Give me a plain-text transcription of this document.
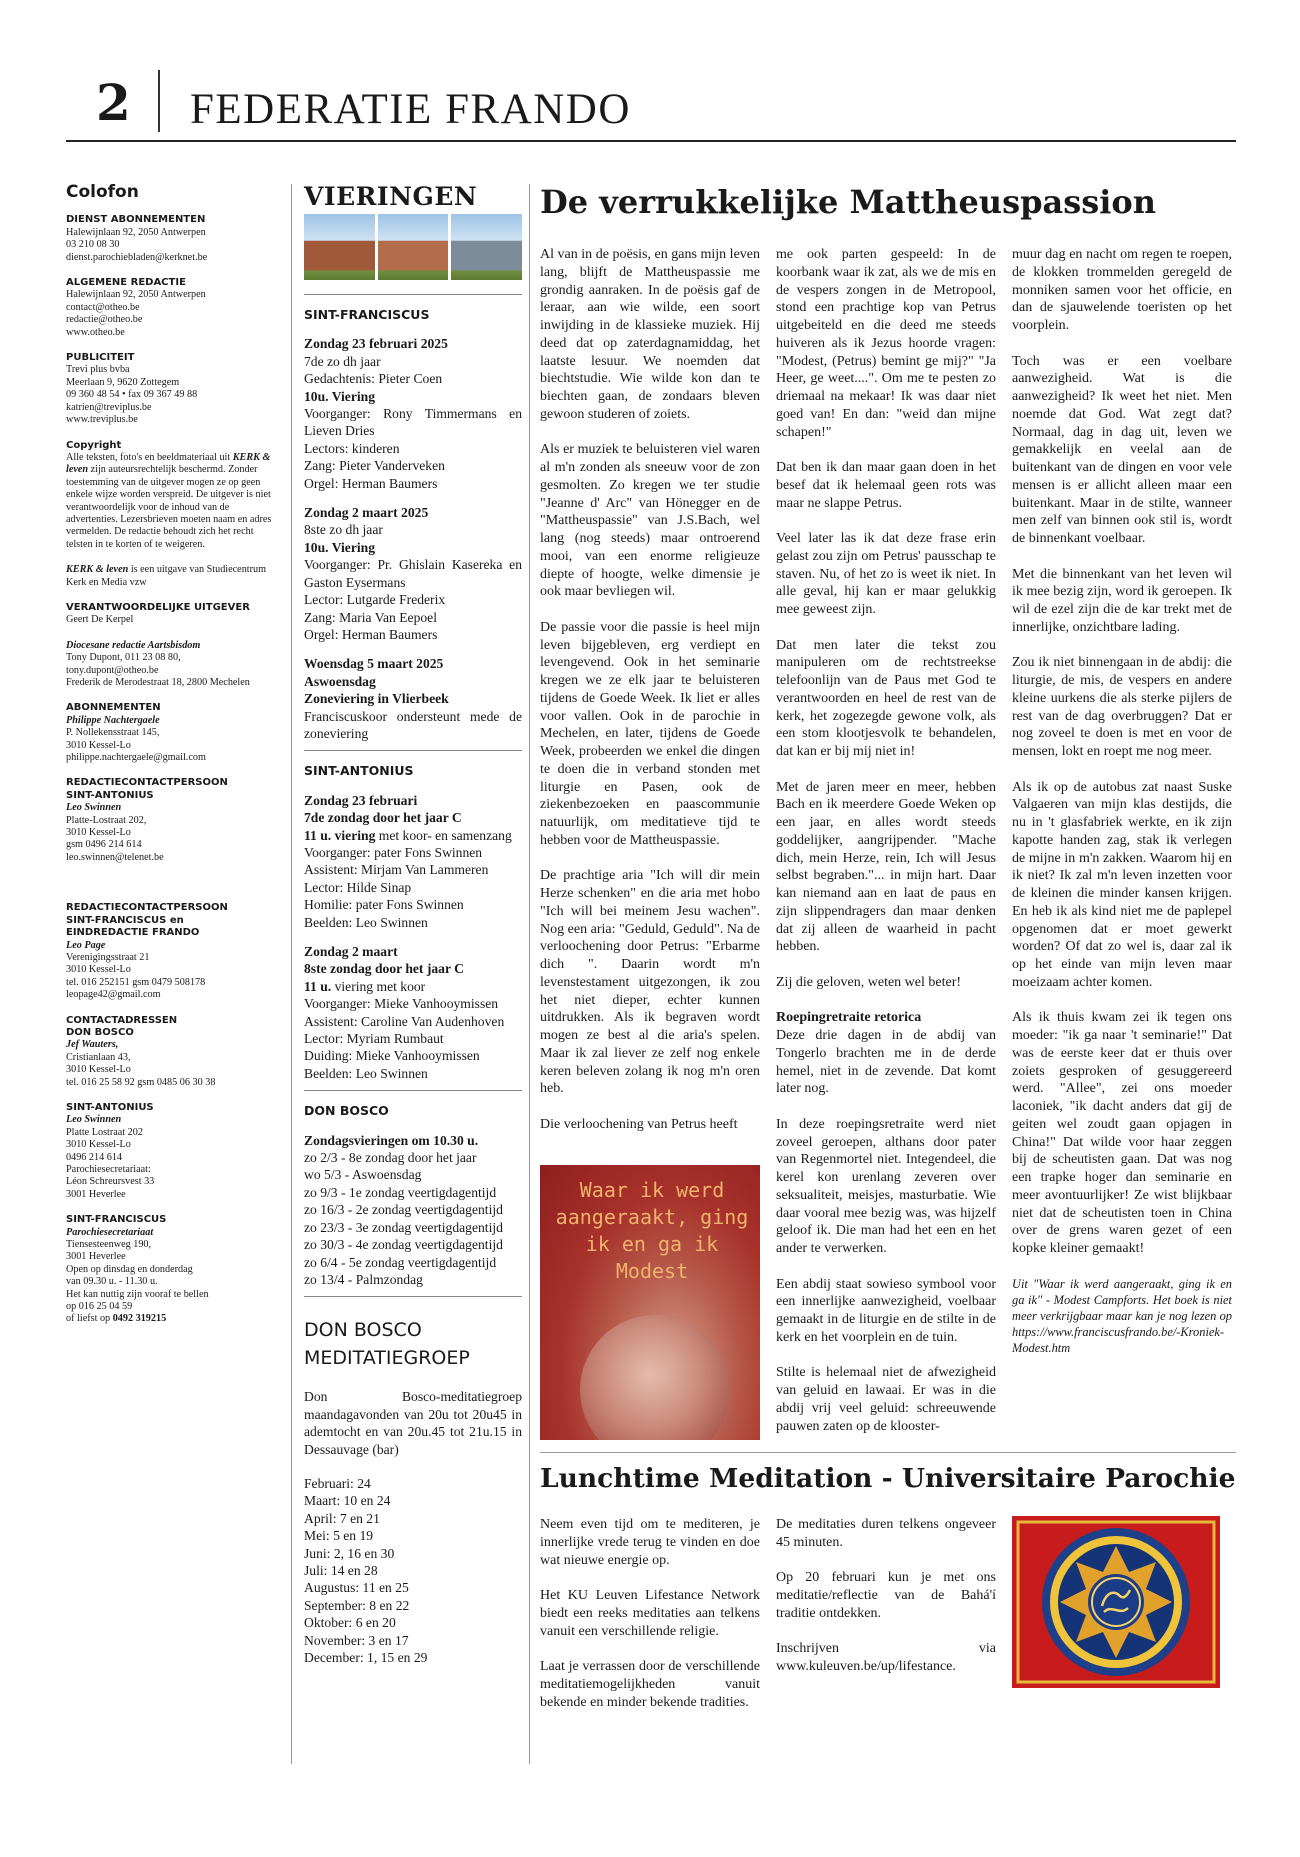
2 FEDERATIE FRANDO
Colofon
DIENST ABONNEMENTEN
Halewijnlaan 92, 2050 Antwerpen
03 210 08 30
dienst.parochiebladen@kerknet.be
ALGEMENE REDACTIE
Halewijnlaan 92, 2050 Antwerpen
contact@otheo.be
redactie@otheo.be
www.otheo.be
PUBLICITEIT
Trevi plus bvba
Meerlaan 9, 9620 Zottegem
09 360 48 54 • fax 09 367 49 88
katrien@treviplus.be
www.treviplus.be
Copyright
Alle teksten, foto's en beeldmateriaal uit KERK & leven zijn auteursrechtelijk beschermd. Zonder toestemming van de uitgever mogen ze op geen enkele wijze worden verspreid. De uitgever is niet verantwoordelijk voor de inhoud van de advertenties. Lezersbrieven moeten naam en adres vermelden. De redactie behoudt zich het recht telsten in te korten of te weigeren.
KERK & leven is een uitgave van Studiecentrum Kerk en Media vzw
VERANTWOORDELIJKE UITGEVER
Geert De Kerpel
Diocesane redactie Aartsbisdom
Tony Dupont, 011 23 08 80,
tony.dupont@otheo.be
Frederik de Merodestraat 18, 2800 Mechelen
ABONNEMENTEN
Philippe Nachtergaele
P. Nollekensstraat 145,
3010 Kessel-Lo
philippe.nachtergaele@gmail.com
REDACTIECONTACTPERSOON
SINT-ANTONIUS
Leo Swinnen
Platte-Lostraat 202,
3010 Kessel-Lo
gsm 0496 214 614
leo.swinnen@telenet.be
REDACTIECONTACTPERSOON
SINT-FRANCISCUS en
EINDREDACTIE FRANDO
Leo Page
Verenigingsstraat 21
3010 Kessel-Lo
tel. 016 252151 gsm 0479 508178
leopage42@gmail.com
CONTACTADRESSEN
DON BOSCO
Jef Wauters,
Cristianlaan 43,
3010 Kessel-Lo
tel. 016 25 58 92 gsm 0485 06 30 38
SINT-ANTONIUS
Leo Swinnen
Platte Lostraat 202
3010 Kessel-Lo
0496 214 614
Parochiesecretariaat:
Léon Schreursvest 33
3001 Heverlee
SINT-FRANCISCUS
Parochiesecretariaat
Tiensesteenweg 190,
3001 Heverlee
Open op dinsdag en donderdag
van 09.30 u. - 11.30 u.
Het kan nuttig zijn vooraf te bellen
op 016 25 04 59
of liefst op 0492 319215
VIERINGEN
SINT-FRANCISCUS
Zondag 23 februari 2025
7de zo dh jaar
Gedachtenis: Pieter Coen
10u. Viering
Voorganger: Rony Timmermans en Lieven Dries
Lectors: kinderen
Zang: Pieter Vanderveken
Orgel: Herman Baumers
Zondag 2 maart 2025
8ste zo dh jaar
10u. Viering
Voorganger: Pr. Ghislain Kasereka en Gaston Eysermans
Lector: Lutgarde Frederix
Zang: Maria Van Eepoel
Orgel: Herman Baumers
Woensdag 5 maart 2025
Aswoensdag
Zoneviering in Vlierbeek
Franciscuskoor ondersteunt mede de zoneviering
SINT-ANTONIUS
Zondag 23 februari
7de zondag door het jaar C
11 u. viering met koor- en samenzang
Voorganger: pater Fons Swinnen
Assistent: Mirjam Van Lammeren
Lector: Hilde Sinap
Homilie: pater Fons Swinnen
Beelden: Leo Swinnen
Zondag 2 maart
8ste zondag door het jaar C
11 u. viering met koor
Voorganger: Mieke Vanhooymissen
Assistent: Caroline Van Audenhoven
Lector: Myriam Rumbaut
Duiding: Mieke Vanhooymissen
Beelden: Leo Swinnen
DON BOSCO
Zondagsvieringen om 10.30 u.
zo 2/3 - 8e zondag door het jaar
wo 5/3 - Aswoensdag
zo 9/3 - 1e zondag veertigdagentijd
zo 16/3 - 2e zondag veertigdagentijd
zo 23/3 - 3e zondag veertigdagentijd
zo 30/3 - 4e zondag veertigdagentijd
zo 6/4 - 5e zondag veertigdagentijd
zo 13/4 - Palmzondag
DON BOSCO
MEDITATIEGROEP
Don Bosco-meditatiegroep maandagavonden van 20u tot 20u45 in ademtocht en van 20u.45 tot 21u.15 in Dessauvage (bar)
Februari: 24
Maart: 10 en 24
April: 7 en 21
Mei: 5 en 19
Juni: 2, 16 en 30
Juli: 14 en 28
Augustus: 11 en 25
September: 8 en 22
Oktober: 6 en 20
November: 3 en 17
December: 1, 15 en 29
De verrukkelijke Mattheuspassion

Al van in de poësis, en gans mijn leven lang, blijft de Mattheuspassie me grondig aanraken. In de poësis gaf de leraar, aan wie wilde, een soort inwijding in de klassieke muziek. Hij deed dat op zaterdagnamiddag, het laatste lesuur. We noemden dat biechtstudie. Wie wilde kon dan te biechten gaan, de zondaars bleven gewoon studeren of zoiets.

Als er muziek te beluisteren viel waren al m'n zonden als sneeuw voor de zon gesmolten. Zo kregen we ter studie "Jeanne d' Arc" van Hönegger en de "Mattheuspassie" van J.S.Bach, wel lang (nog steeds) maar ontroerend mooi, van een enorme religieuze diepte of hoogte, welke dimensie je ook maar bevliegen wil.

De passie voor die passie is heel mijn leven bijgebleven, erg verdiept en levengevend. Ook in het seminarie kregen we ze elk jaar te beluisteren tijdens de Goede Week. Ik liet er alles voor vallen. Ook in de parochie in Mechelen, en later, tijdens de Goede Week, probeerden we enkel die dingen te doen die in verband stonden met liturgie en Pasen, ook de ziekenbezoeken en paascommunie natuurlijk, om meditatieve tijd te hebben voor de Mattheuspassie.

De prachtige aria "Ich will dir mein Herze schenken" en die aria met hobo "Ich will bei meinem Jesu wachen". Nog een aria: "Geduld, Geduld". Na de verloochening door Petrus: "Erbarme dich ". Daarin wordt m'n levenstestament uitgezongen, ik zou het niet dieper, echter kunnen uitdrukken. Als ik begraven wordt mogen ze best al die aria's spelen. Maar ik zal liever ze zelf nog enkele keren beleven zolang ik nog m'n oren heb.

Die verloochening van Petrus heeft

Waar ik werd aangeraakt, ging ik en ga ik
Modest

me ook parten gespeeld: In de koorbank waar ik zat, als we de mis en de vespers zongen in de Metropool, stond een prachtige kop van Petrus uitgebeiteld en die deed me steeds huiveren als ik Jezus hoorde vragen: "Modest, (Petrus) bemint ge mij?" "Ja Heer, ge weet....". Om me te pesten zo driemaal na mekaar! Ik was daar niet goed van! En dan: "weid dan mijne schapen!"

Dat ben ik dan maar gaan doen in het besef dat ik helemaal geen rots was maar ne slappe Petrus.

Veel later las ik dat deze frase erin gelast zou zijn om Petrus' pausschap te staven. Nu, of het zo is weet ik niet. In alle geval, hij kan er maar gelukkig mee geweest zijn.

Dat men later die tekst zou manipuleren om de rechtstreekse telefoonlijn van de Paus met God te verantwoorden en heel de rest van de kerk, het zogezegde gewone volk, als een stom klootjesvolk te behandelen, dat kan er bij mij niet in!

Met de jaren meer en meer, hebben Bach en ik meerdere Goede Weken op een jaar, en alles wordt steeds goddelijker, aangrijpender. "Mache dich, mein Herze, rein, Ich will Jesus selbst begraben."... in mijn hart. Daar kan niemand aan en laat de paus en zijn slippendragers dan maar denken dat zij alleen de waarheid in pacht hebben.

Zij die geloven, weten wel beter!

Roepingretraite retorica

Deze drie dagen in de abdij van Tongerlo brachten me in de derde hemel, niet in de zevende. Dat komt later nog.

In deze roepingsretraite werd niet zoveel geroepen, althans door pater van Regenmortel niet. Integendeel, die kerel kon urenlang zeveren over seksualiteit, meisjes, masturbatie. Wie daar vooral mee bezig was, was hijzelf geloof ik. Die man had het een en het ander te verwerken.

Een abdij staat sowieso symbool voor een innerlijke aanwezigheid, voelbaar gemaakt in de liturgie en de stilte in de kerk en het voorplein en de tuin.

Stilte is helemaal niet de afwezigheid van geluid en lawaai. Er was in die abdij vrij veel geluid: schreeuwende pauwen zaten op de klooster-

muur dag en nacht om regen te roepen, de klokken trommelden geregeld de monniken samen voor het officie, en dan de sjauwelende toeristen op het voorplein.

Toch was er een voelbare aanwezigheid. Wat is die aanwezigheid? Ik weet het niet. Men noemde dat God. Wat zegt dat? Normaal, dag in dag uit, leven we gemakkelijk en veelal aan de buitenkant van de dingen en voor vele mensen is er allicht alleen maar een buitenkant. Maar in de stilte, wanneer men zelf van binnen ook stil is, wordt de binnenkant voelbaar.

Met die binnenkant van het leven wil ik mee bezig zijn, word ik geroepen. Ik wil de ezel zijn die de kar trekt met de innerlijke, onzichtbare lading.

Zou ik niet binnengaan in de abdij: die liturgie, de mis, de vespers en andere kleine uurkens die als sterke pijlers de rest van de dag overbruggen? Dat er nog zoveel te doen is met en voor de mensen, lokt en roept me nog meer.

Als ik op de autobus zat naast Suske Valgaeren van mijn klas destijds, die nu in 't glasfabriek werkte, en ik zijn kapotte handen zag, stak ik verlegen de mijne in m'n zakken. Waarom hij en ik niet? Ik zal m'n leven inzetten voor de kleinen die minder kansen krijgen. En heb ik als kind niet me de paplepel opgenomen dat er moet gewerkt worden? Of dat zo wel is, daar zal ik op het einde van mijn leven maar moeizaam achter komen.

Als ik thuis kwam zei ik tegen ons moeder: "ik ga naar 't seminarie!" Dat was de eerste keer dat er thuis over zoiets gesproken of gesuggereerd werd. "Allee", zei ons moeder laconiek, "ik dacht anders dat gij de geiten wel zoudt gaan opjagen in China!" Dat wilde voor haar zeggen bij de scheutisten gaan. Dat was nog een trapke hoger dan seminarie en meer avontuurlijker! Ze wist blijkbaar niet dat de scheutisten toen in China over de grens waren gezet of een kopke kleiner gemaakt!

Uit "Waar ik werd aangeraakt, ging ik en ga ik" - Modest Campforts. Het boek is niet meer verkrijgbaar maar kan je nog lezen op https://www.franciscusfrando.be/-Kroniek-Modest.htm

Lunchtime Meditation - Universitaire Parochie

Neem even tijd om te mediteren, je innerlijke vrede terug te vinden en doe wat nieuwe energie op.

Het KU Leuven Lifestance Network biedt een reeks meditaties aan telkens vanuit een verschillende religie.

Laat je verrassen door de verschillende meditatiemogelijkheden vanuit bekende en minder bekende tradities.

De meditaties duren telkens ongeveer 45 minuten.

Op 20 februari kun je met ons meditatie/reflectie van de Bahá'í traditie ontdekken.

Inschrijven via www.kuleuven.be/up/lifestance.
